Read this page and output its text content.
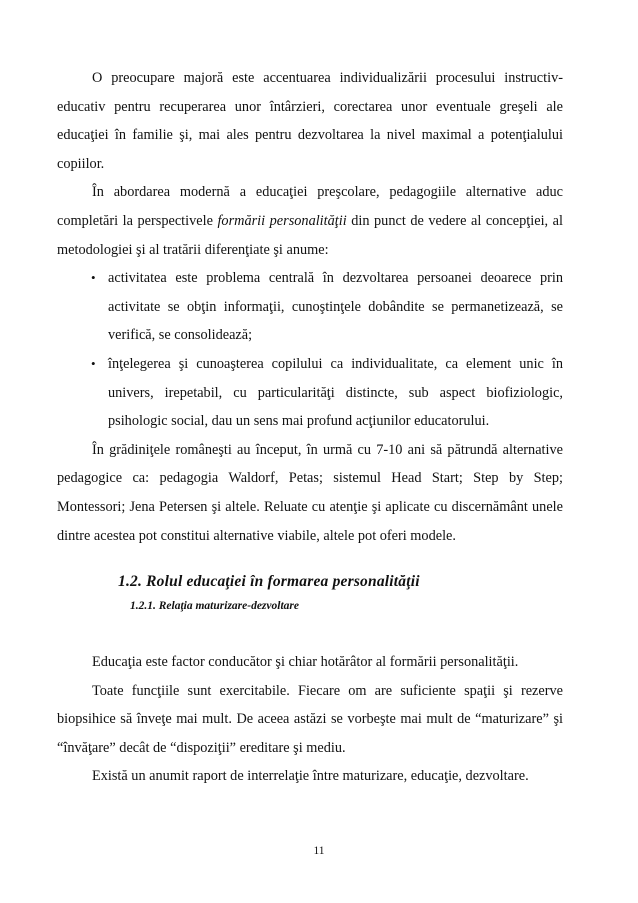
O preocupare majoră este accentuarea individualizării procesului instructiv-educativ pentru recuperarea unor întârzieri, corectarea unor eventuale greşeli ale educaţiei în familie şi, mai ales pentru dezvoltarea la nivel maximal a potenţialului copiilor.

În abordarea modernă a educaţiei preşcolare, pedagogiile alternative aduc completări la perspectivele formării personalităţii din punct de vedere al concepţiei, al metodologiei şi al tratării diferenţiate şi anume:

• activitatea este problema centrală în dezvoltarea persoanei deoarece prin activitate se obţin informaţii, cunoştinţele dobândite se permanetizează, se verifică, se consolidează;
• înţelegerea şi cunoaşterea copilului ca individualitate, ca element unic în univers, irepetabil, cu particularităţi distincte, sub aspect biofiziologic, psihologic social, dau un sens mai profund acţiunilor educatorului.

În grădiniţele româneşti au început, în urmă cu 7-10 ani să pătrundă alternative pedagogice ca: pedagogia Waldorf, Petas; sistemul Head Start; Step by Step; Montessori; Jena Petersen şi altele. Reluate cu atenţie şi aplicate cu discernământ unele dintre acestea pot constitui alternative viabile, altele pot oferi modele.

1.2. Rolul educaţiei în formarea personalităţii
1.2.1. Relaţia maturizare-dezvoltare

Educaţia este factor conducător şi chiar hotărâtor al formării personalităţii.

Toate funcţiile sunt exercitabile. Fiecare om are suficiente spaţii şi rezerve biopsihice să înveţe mai mult. De aceea astăzi se vorbeşte mai mult de “maturizare” şi “învăţare” decât de “dispoziţii” ereditare şi mediu.

Există un anumit raport de interrelaţie între maturizare, educaţie, dezvoltare.

11
